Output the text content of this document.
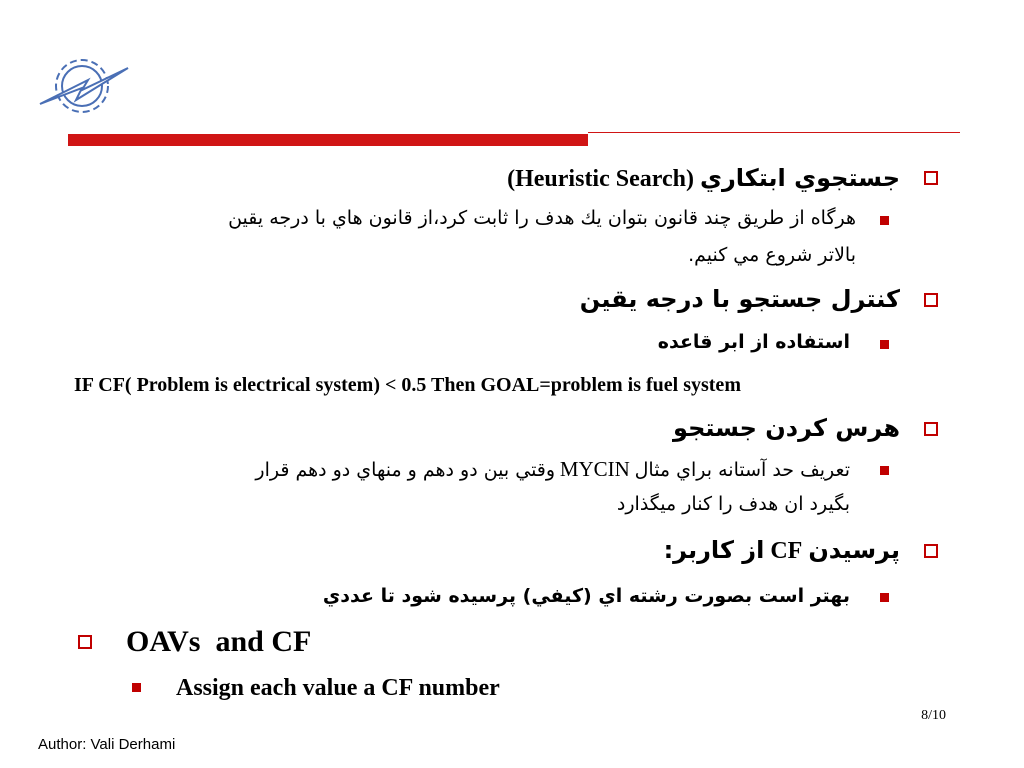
جستجوي ابتكاري (Heuristic Search)
هرگاه از طريق چند قانون بتوان يك هدف را ثابت كرد،از قانون هاي با درجه يقين
بالاتر شروع مي كنيم.
كنترل جستجو با درجه يقين
استفاده از ابر قاعده
IF CF( Problem is electrical system) < 0.5 Then GOAL=problem is fuel system
هرس كردن جستجو
تعريف حد آستانه براي مثال MYCIN وقتي بين دو دهم و منهاي دو دهم قرار
بگيرد ان هدف را كنار ميگذارد
پرسيدن CF از كاربر:
بهتر است بصورت رشته اي (كيفي) پرسيده شود تا عددي
OAVs  and CF
Assign each value a CF number
8/10
Author: Vali Derhami
